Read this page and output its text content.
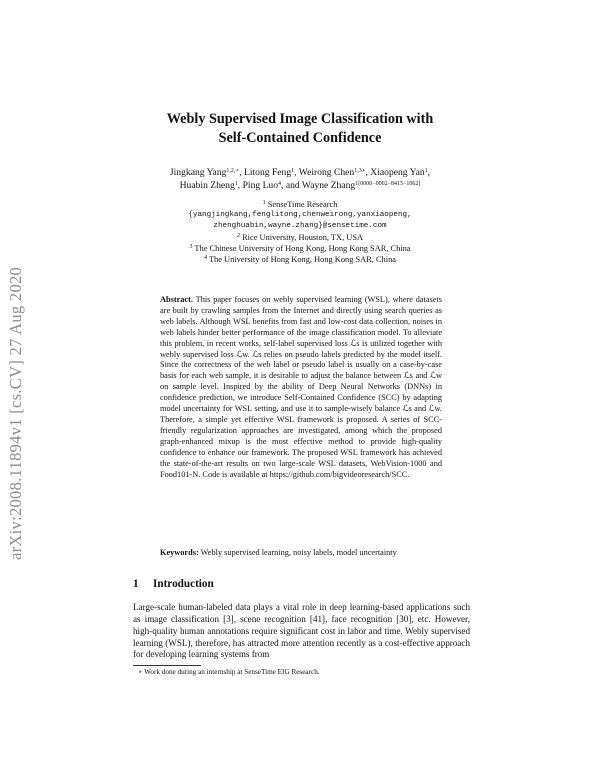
arXiv:2008.11894v1 [cs.CV] 27 Aug 2020
Webly Supervised Image Classification with
Self-Contained Confidence
Jingkang Yang$^{1,2,⋆}$, Litong Feng$^1$, Weirong Chen$^{1,3⋆}$, Xiaopeng Yan$^1$,
Huabin Zheng$^1$, Ping Luo$^4$, and Wayne Zhang$^{1[0000-0002-8415-1062]}$
$^1$ SenseTime Research
{yangjingkang,fenglitong,chenweirong,yanxiaopeng,
zhenghuabin,wayne.zhang}@sensetime.com
$^2$ Rice University, Houston, TX, USA
$^3$ The Chinese University of Hong Kong, Hong Kong SAR, China
$^4$ The University of Hong Kong, Hong Kong SAR, China
Abstract. This paper focuses on webly supervised learning (WSL), where datasets are built by crawling samples from the Internet and directly using search queries as web labels. Although WSL benefits from fast and low-cost data collection, noises in web labels hinder better performance of the image classification model. To alleviate this problem, in recent works, self-label supervised loss ℒs is utilized together with webly supervised loss ℒw. ℒs relies on pseudo labels predicted by the model itself. Since the correctness of the web label or pseudo label is usually on a case-by-case basis for each web sample, it is desirable to adjust the balance between ℒs and ℒw on sample level. Inspired by the ability of Deep Neural Networks (DNNs) in confidence prediction, we introduce Self-Contained Confidence (SCC) by adapting model uncertainty for WSL setting, and use it to sample-wisely balance ℒs and ℒw. Therefore, a simple yet effective WSL framework is proposed. A series of SCC-friendly regularization approaches are investigated, among which the proposed graph-enhanced mixup is the most effective method to provide high-quality confidence to enhance our framework. The proposed WSL framework has achieved the state-of-the-art results on two large-scale WSL datasets, WebVision-1000 and Food101-N. Code is available at https://github.com/bigvideoresearch/SCC.
Keywords: Webly supervised learning, noisy labels, model uncertainty
1 Introduction
Large-scale human-labeled data plays a vital role in deep learning-based applications such as image classification [3], scene recognition [41], face recognition [30], etc. However, high-quality human annotations require significant cost in labor and time. Webly supervised learning (WSL), therefore, has attracted more attention recently as a cost-effective approach for developing learning systems from
⋆ Work done during an internship at SenseTime EIG Research.
